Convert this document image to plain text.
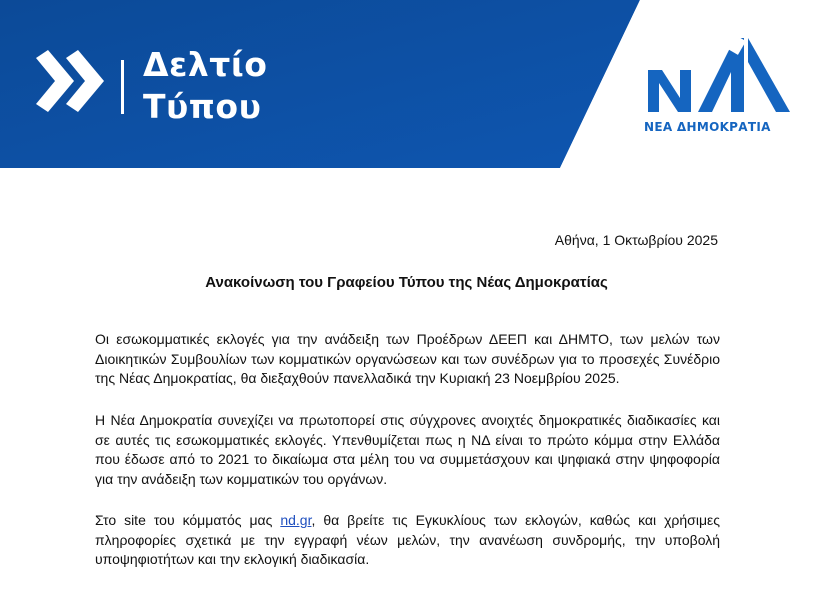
Δελτίο
Τύπου
ΝΕΑ ΔΗΜΟΚΡΑΤΙΑ
Αθήνα, 1 Οκτωβρίου 2025
Ανακοίνωση του Γραφείου Τύπου της Νέας Δημοκρατίας
Οι εσωκομματικές εκλογές για την ανάδειξη των Προέδρων ΔΕΕΠ και ΔΗΜΤΟ, των μελών των Διοικητικών Συμβουλίων των κομματικών οργανώσεων και των συνέδρων για το προσεχές Συνέδριο της Νέας Δημοκρατίας, θα διεξαχθούν πανελλαδικά την Κυριακή 23 Νοεμβρίου 2025.
Η Νέα Δημοκρατία συνεχίζει να πρωτοπορεί στις σύγχρονες ανοιχτές δημοκρατικές διαδικασίες και σε αυτές τις εσωκομματικές εκλογές. Υπενθυμίζεται πως η ΝΔ είναι το πρώτο κόμμα στην Ελλάδα που έδωσε από το 2021 το δικαίωμα στα μέλη του να συμμετάσχουν και ψηφιακά στην ψηφοφορία για την ανάδειξη των κομματικών του οργάνων.
Στο site του κόμματός μας nd.gr, θα βρείτε τις Εγκυκλίους των εκλογών, καθώς και χρήσιμες πληροφορίες σχετικά με την εγγραφή νέων μελών, την ανανέωση συνδρομής, την υποβολή υποψηφιοτήτων και την εκλογική διαδικασία.
